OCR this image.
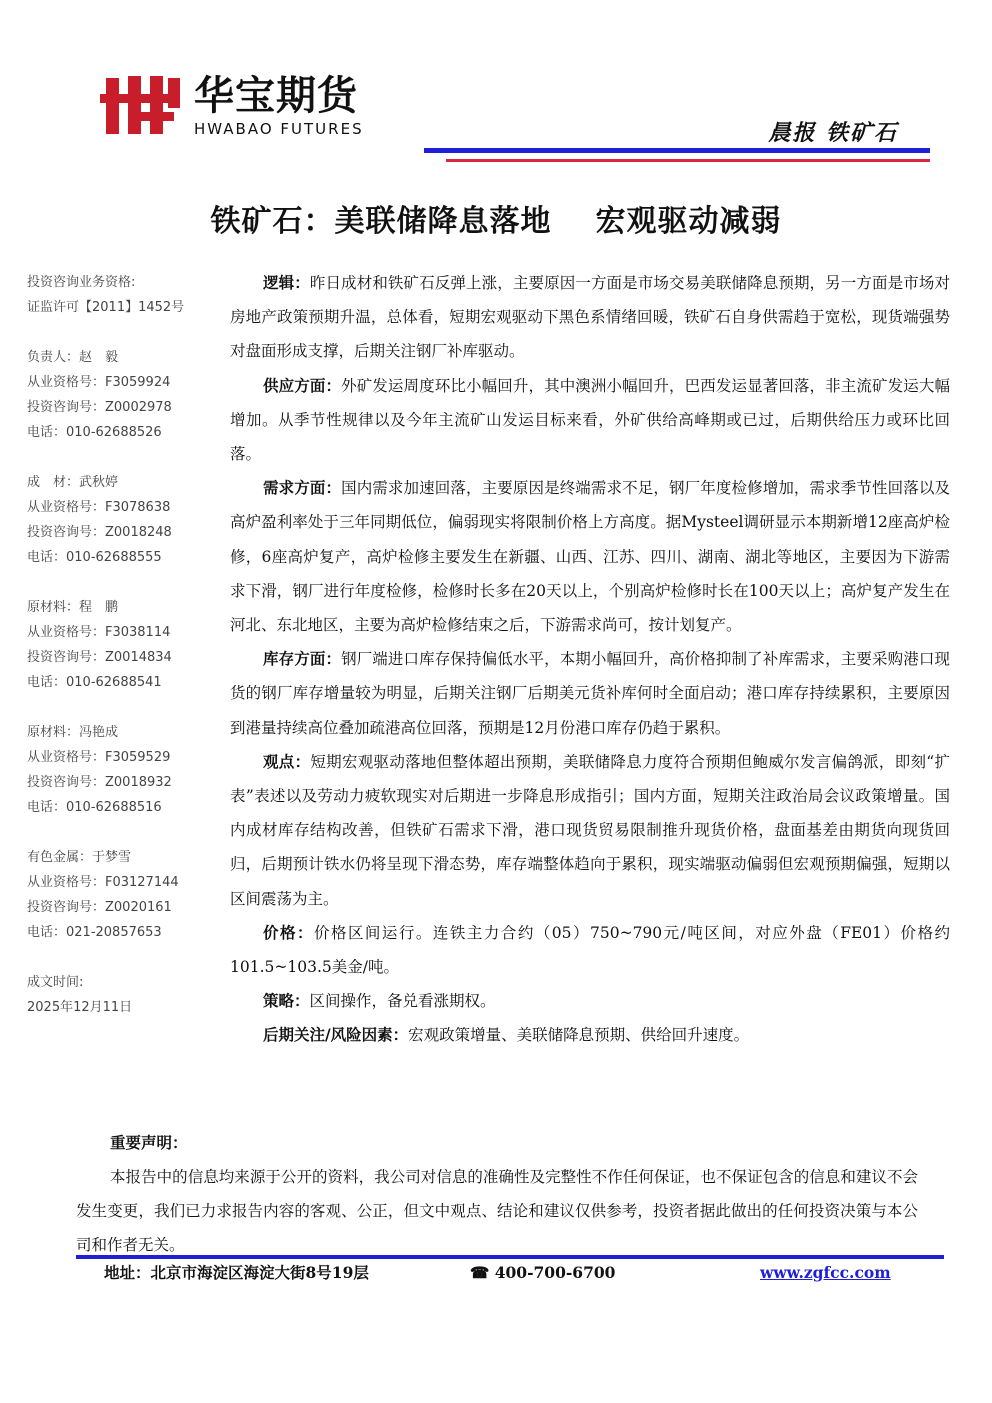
华宝期货
HWABAO FUTURES	晨报 铁矿石
铁矿石：美联储降息落地 宏观驱动减弱
投资咨询业务资格:
证监许可【2011】1452号
负责人：赵　毅
从业资格号：F3059924
投资咨询号：Z0002978
电话：010-62688526
成　材：武秋婷
从业资格号：F3078638
投资咨询号：Z0018248
电话：010-62688555
原材料：程　鹏
从业资格号：F3038114
投资咨询号：Z0014834
电话：010-62688541
原材料：冯艳成
从业资格号：F3059529
投资咨询号：Z0018932
电话：010-62688516
有色金属：于梦雪
从业资格号：F03127144
投资咨询号：Z0020161
电话：021-20857653
成文时间:
2025年12月11日

逻辑：昨日成材和铁矿石反弹上涨，主要原因一方面是市场交易美联储降息预期，另一方面是市场对房地产政策预期升温，总体看，短期宏观驱动下黑色系情绪回暖，铁矿石自身供需趋于宽松，现货端强势对盘面形成支撑，后期关注钢厂补库驱动。

供应方面：外矿发运周度环比小幅回升，其中澳洲小幅回升，巴西发运显著回落，非主流矿发运大幅增加。从季节性规律以及今年主流矿山发运目标来看，外矿供给高峰期或已过，后期供给压力或环比回落。

需求方面：国内需求加速回落，主要原因是终端需求不足，钢厂年度检修增加，需求季节性回落以及高炉盈利率处于三年同期低位，偏弱现实将限制价格上方高度。据Mysteel调研显示本期新增12座高炉检修，6座高炉复产，高炉检修主要发生在新疆、山西、江苏、四川、湖南、湖北等地区，主要因为下游需求下滑，钢厂进行年度检修，检修时长多在20天以上，个别高炉检修时长在100天以上；高炉复产发生在河北、东北地区，主要为高炉检修结束之后，下游需求尚可，按计划复产。

库存方面：钢厂端进口库存保持偏低水平，本期小幅回升，高价格抑制了补库需求，主要采购港口现货的钢厂库存增量较为明显，后期关注钢厂后期美元货补库何时全面启动；港口库存持续累积，主要原因到港量持续高位叠加疏港高位回落，预期是12月份港口库存仍趋于累积。

观点：短期宏观驱动落地但整体超出预期，美联储降息力度符合预期但鲍威尔发言偏鸽派，即刻“扩表”表述以及劳动力疲软现实对后期进一步降息形成指引；国内方面，短期关注政治局会议政策增量。国内成材库存结构改善，但铁矿石需求下滑，港口现货贸易限制推升现货价格，盘面基差由期货向现货回归，后期预计铁水仍将呈现下滑态势，库存端整体趋向于累积，现实端驱动偏弱但宏观预期偏强，短期以区间震荡为主。

价格：价格区间运行。连铁主力合约（05）750~790元/吨区间，对应外盘（FE01）价格约101.5~103.5美金/吨。

策略：区间操作，备兑看涨期权。

后期关注/风险因素：宏观政策增量、美联储降息预期、供给回升速度。

重要声明：

本报告中的信息均来源于公开的资料，我公司对信息的准确性及完整性不作任何保证，也不保证包含的信息和建议不会发生变更，我们已力求报告内容的客观、公正，但文中观点、结论和建议仅供参考，投资者据此做出的任何投资决策与本公司和作者无关。

地址：北京市海淀区海淀大街8号19层	☎ 400-700-6700	www.zgfcc.com
